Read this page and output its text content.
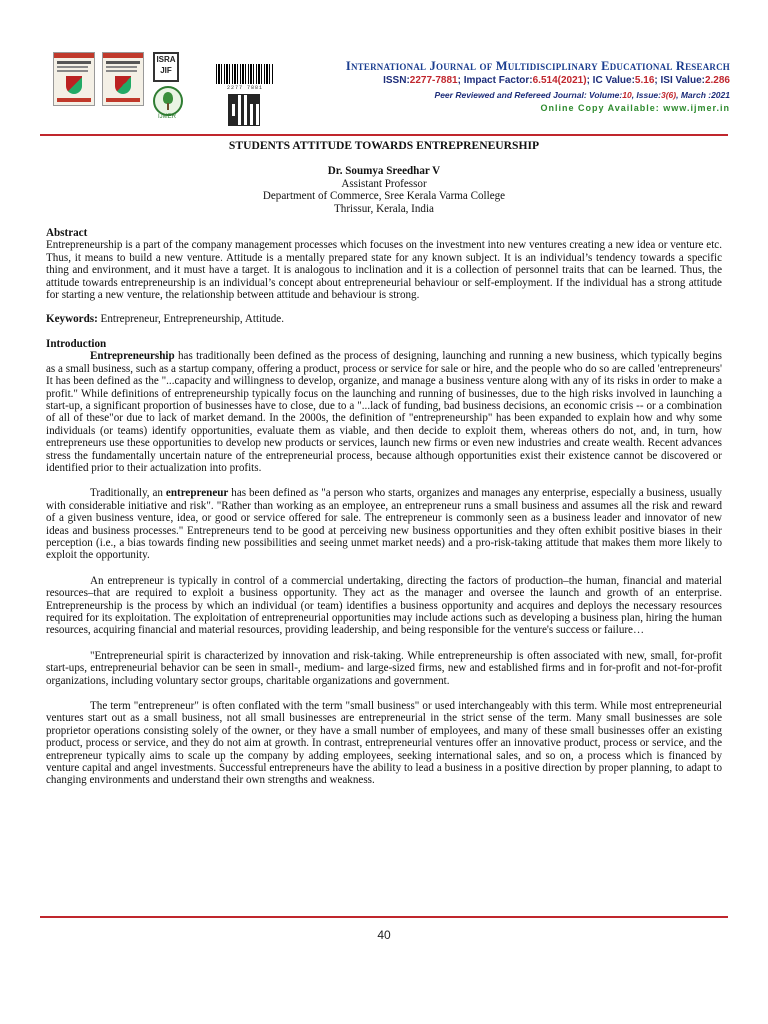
ISRA JIF
IJMER
2277 7881
International Journal of Multidisciplinary Educational Research
ISSN:2277-7881; Impact Factor:6.514(2021); IC Value:5.16; ISI Value:2.286
Peer Reviewed and Refereed Journal: Volume:10, Issue:3(6), March :2021
Online Copy Available: www.ijmer.in
STUDENTS ATTITUDE TOWARDS ENTREPRENEURSHIP

Dr. Soumya Sreedhar V

Assistant Professor

Department of Commerce, Sree Kerala Varma College

Thrissur, Kerala, India

Abstract

Entrepreneurship is a part of the company management processes which focuses on the investment into new ventures creating a new idea or venture etc. Thus, it means to build a new venture. Attitude is a mentally prepared state for any known subject. It is an individual’s tendency towards a specific thing and environment, and it must have a target. It is analogous to inclination and it is a collection of personnel traits that can be learned. Thus, the attitude towards entrepreneurship is an individual’s concept about entrepreneurial behaviour or self-employment. If the individual has a strong attitude for starting a new venture, the relationship between attitude and behaviour is strong.

Keywords: Entrepreneur, Entrepreneurship, Attitude.

Introduction

Entrepreneurship has traditionally been defined as the process of designing, launching and running a new business, which typically begins as a small business, such as a startup company, offering a product, process or service for sale or hire, and the people who do so are called 'entrepreneurs' It has been defined as the "...capacity and willingness to develop, organize, and manage a business venture along with any of its risks in order to make a profit." While definitions of entrepreneurship typically focus on the launching and running of businesses, due to the high risks involved in launching a start-up, a significant proportion of businesses have to close, due to a "...lack of funding, bad business decisions, an economic crisis -- or a combination of all of these"or due to lack of market demand. In the 2000s, the definition of "entrepreneurship" has been expanded to explain how and why some individuals (or teams) identify opportunities, evaluate them as viable, and then decide to exploit them, whereas others do not, and, in turn, how entrepreneurs use these opportunities to develop new products or services, launch new firms or even new industries and create wealth. Recent advances stress the fundamentally uncertain nature of the entrepreneurial process, because although opportunities exist their existence cannot be discovered or identified prior to their actualization into profits.

Traditionally, an entrepreneur has been defined as "a person who starts, organizes and manages any enterprise, especially a business, usually with considerable initiative and risk". "Rather than working as an employee, an entrepreneur runs a small business and assumes all the risk and reward of a given business venture, idea, or good or service offered for sale. The entrepreneur is commonly seen as a business leader and innovator of new ideas and business processes." Entrepreneurs tend to be good at perceiving new business opportunities and they often exhibit positive biases in their perception (i.e., a bias towards finding new possibilities and seeing unmet market needs) and a pro-risk-taking attitude that makes them more likely to exploit the opportunity.

An entrepreneur is typically in control of a commercial undertaking, directing the factors of production–the human, financial and material resources–that are required to exploit a business opportunity. They act as the manager and oversee the launch and growth of an enterprise. Entrepreneurship is the process by which an individual (or team) identifies a business opportunity and acquires and deploys the necessary resources required for its exploitation. The exploitation of entrepreneurial opportunities may include actions such as developing a business plan, hiring the human resources, acquiring financial and material resources, providing leadership, and being responsible for the venture's success or failure…

"Entrepreneurial spirit is characterized by innovation and risk-taking. While entrepreneurship is often associated with new, small, for-profit start-ups, entrepreneurial behavior can be seen in small-, medium- and large-sized firms, new and established firms and in for-profit and not-for-profit organizations, including voluntary sector groups, charitable organizations and government.

The term "entrepreneur" is often conflated with the term "small business" or used interchangeably with this term. While most entrepreneurial ventures start out as a small business, not all small businesses are entrepreneurial in the strict sense of the term. Many small businesses are sole proprietor operations consisting solely of the owner, or they have a small number of employees, and many of these small businesses offer an existing product, process or service, and they do not aim at growth. In contrast, entrepreneurial ventures offer an innovative product, process or service, and the entrepreneur typically aims to scale up the company by adding employees, seeking international sales, and so on, a process which is financed by venture capital and angel investments. Successful entrepreneurs have the ability to lead a business in a positive direction by proper planning, to adapt to changing environments and understand their own strengths and weakness.

40
